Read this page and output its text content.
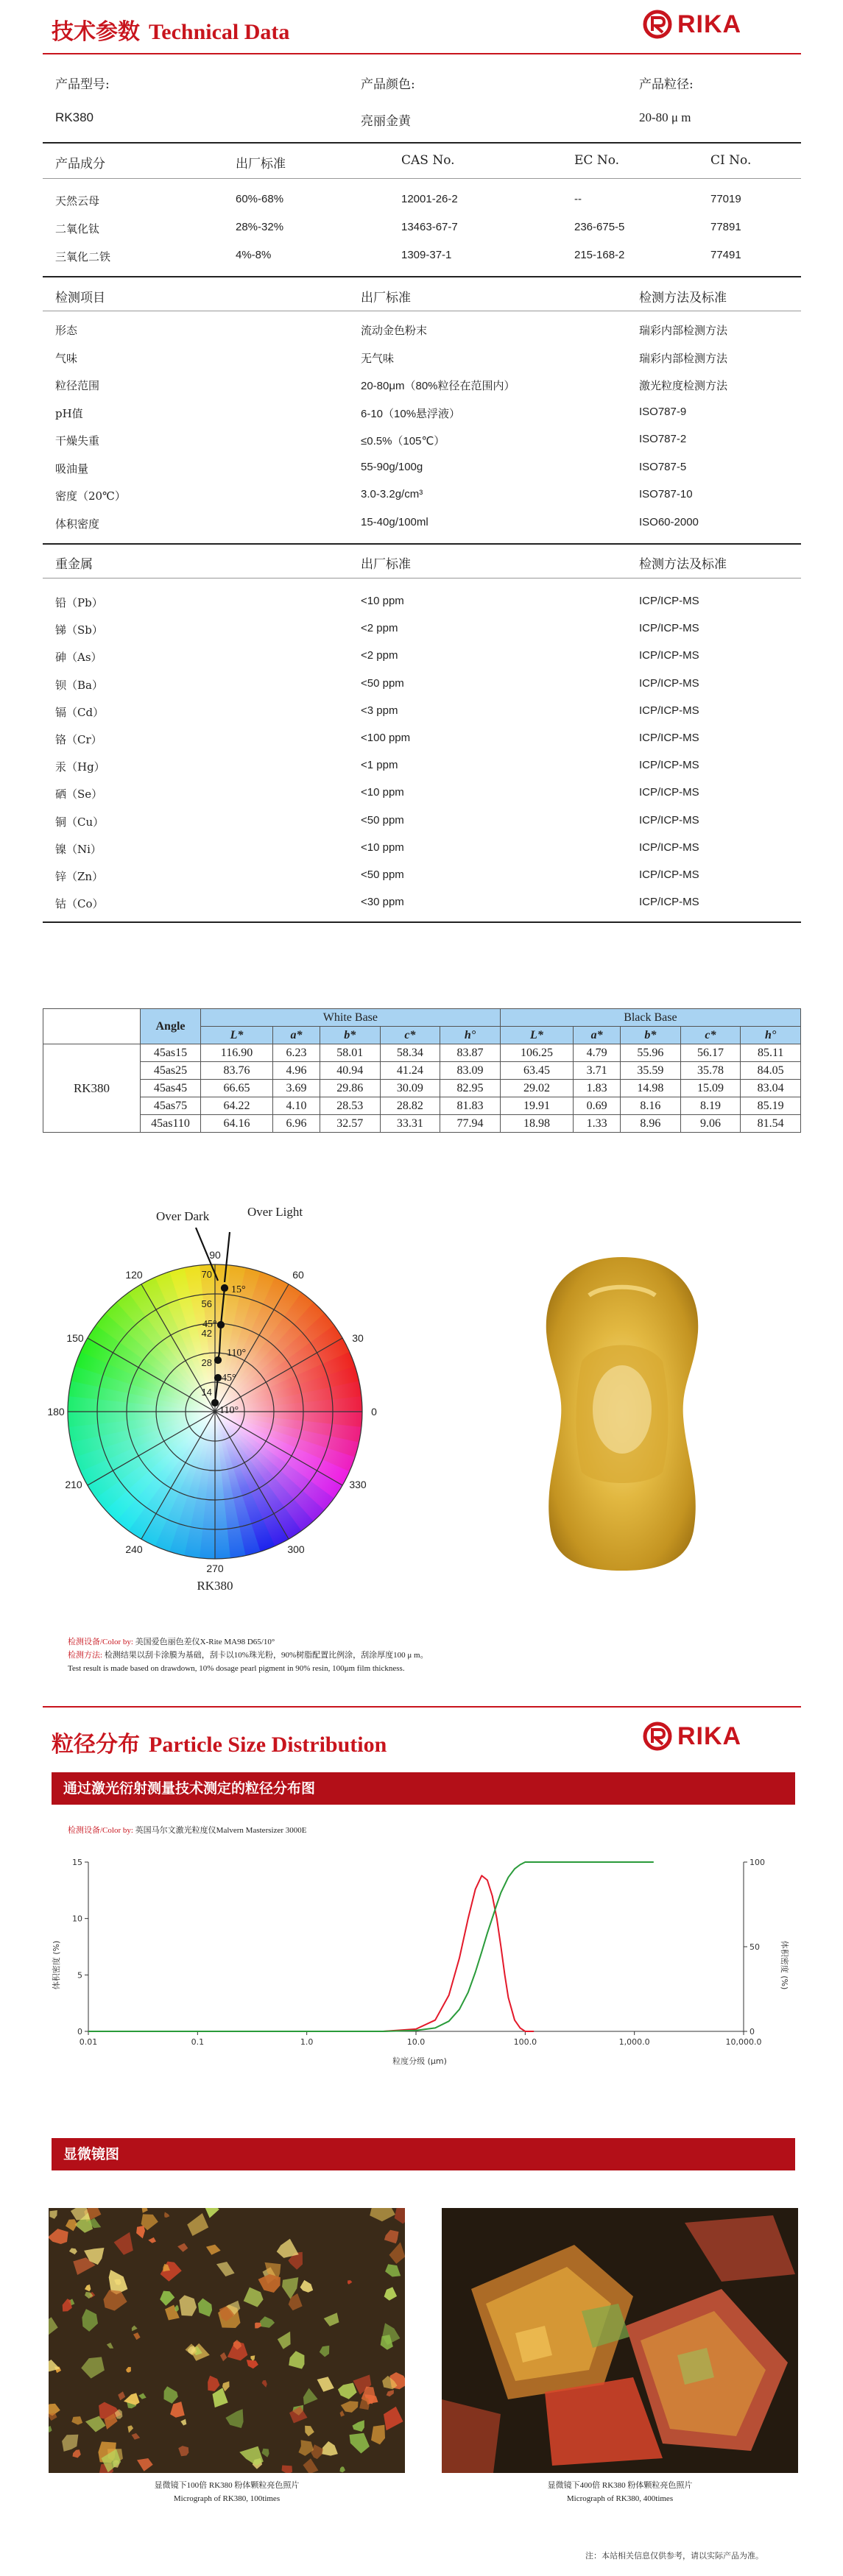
技术参数 Technical Data	RIKA
产品型号:	产品颜色:	产品粒径:
RK380	亮丽金黄	20-80 μ m
产品成分	出厂标准	CAS No.	EC No.	CI No.
天然云母	60%-68%	12001-26-2	--	77019
二氧化钛	28%-32%	13463-67-7	236-675-5	77891
三氧化二铁	4%-8%	1309-37-1	215-168-2	77491
检测项目	出厂标准	检测方法及标准
形态	流动金色粉末	瑞彩内部检测方法
气味	无气味	瑞彩内部检测方法
粒径范围	20-80μm（80%粒径在范围内）	激光粒度检测方法
pH值	6-10（10%悬浮液）	ISO787-9
干燥失重	≤0.5%（105℃）	ISO787-2
吸油量	55-90g/100g	ISO787-5
密度（20℃）	3.0-3.2g/cm³	ISO787-10
体积密度	15-40g/100ml	ISO60-2000
重金属	出厂标准	检测方法及标准
铅（Pb）	<10 ppm	ICP/ICP-MS
锑（Sb）	<2 ppm	ICP/ICP-MS
砷（As）	<2 ppm	ICP/ICP-MS
钡（Ba）	<50 ppm	ICP/ICP-MS
镉（Cd）	<3 ppm	ICP/ICP-MS
铬（Cr）	<100 ppm	ICP/ICP-MS
汞（Hg）	<1 ppm	ICP/ICP-MS
硒（Se）	<10 ppm	ICP/ICP-MS
铜（Cu）	<50 ppm	ICP/ICP-MS
镍（Ni）	<10 ppm	ICP/ICP-MS
锌（Zn）	<50 ppm	ICP/ICP-MS
钴（Co）	<30 ppm	ICP/ICP-MS
	Angle	White Base					Black Base				
		L*	a*	b*	c*	h°	L*	a*	b*	c*	h°
RK380	45as15	116.90	6.23	58.01	58.34	83.87	106.25	4.79	55.96	56.17	85.11
	45as25	83.76	4.96	40.94	41.24	83.09	63.45	3.71	35.59	35.78	84.05
	45as45	66.65	3.69	29.86	30.09	82.95	29.02	1.83	14.98	15.09	83.04
	45as75	64.22	4.10	28.53	28.82	81.83	19.91	0.69	8.16	8.19	85.19
	45as110	64.16	6.96	32.57	33.31	77.94	18.98	1.33	8.96	9.06	81.54
90
60
30
0
330
300
270
240
210
180
150
120	70
56
42
28
14
Over Dark	Over Light
15°
45°
110°
45°
110°
RK380
检测设备/Color by: 美国爱色丽色差仪X-Rite MA98 D65/10°
检测方法: 检测结果以刮卡涂膜为基础，刮卡以10%珠光粉，90%树脂配置比例涂，刮涂厚度100 μ m。
Test result is made based on drawdown, 10% dosage pearl pigment in 90% resin, 100μm film thickness.
粒径分布 Particle Size Distribution	RIKA
通过激光衍射测量技术测定的粒径分布图
检测设备/Color by: 英国马尔文激光粒度仪Malvern Mastersizer 3000E
0.01	0.1	1.0	10.0	100.0	1,000.0	10,000.0
0
5
10
15
0
50
100
体积密度 (%)	体积密度 (%)
粒度分级 (μm)
显微镜图
显微镜下100倍 RK380 粉体颗粒亮色照片
Micrograph of RK380, 100times
显微镜下400倍 RK380 粉体颗粒亮色照片
Micrograph of RK380, 400times
注：本站相关信息仅供参考，请以实际产品为准。
